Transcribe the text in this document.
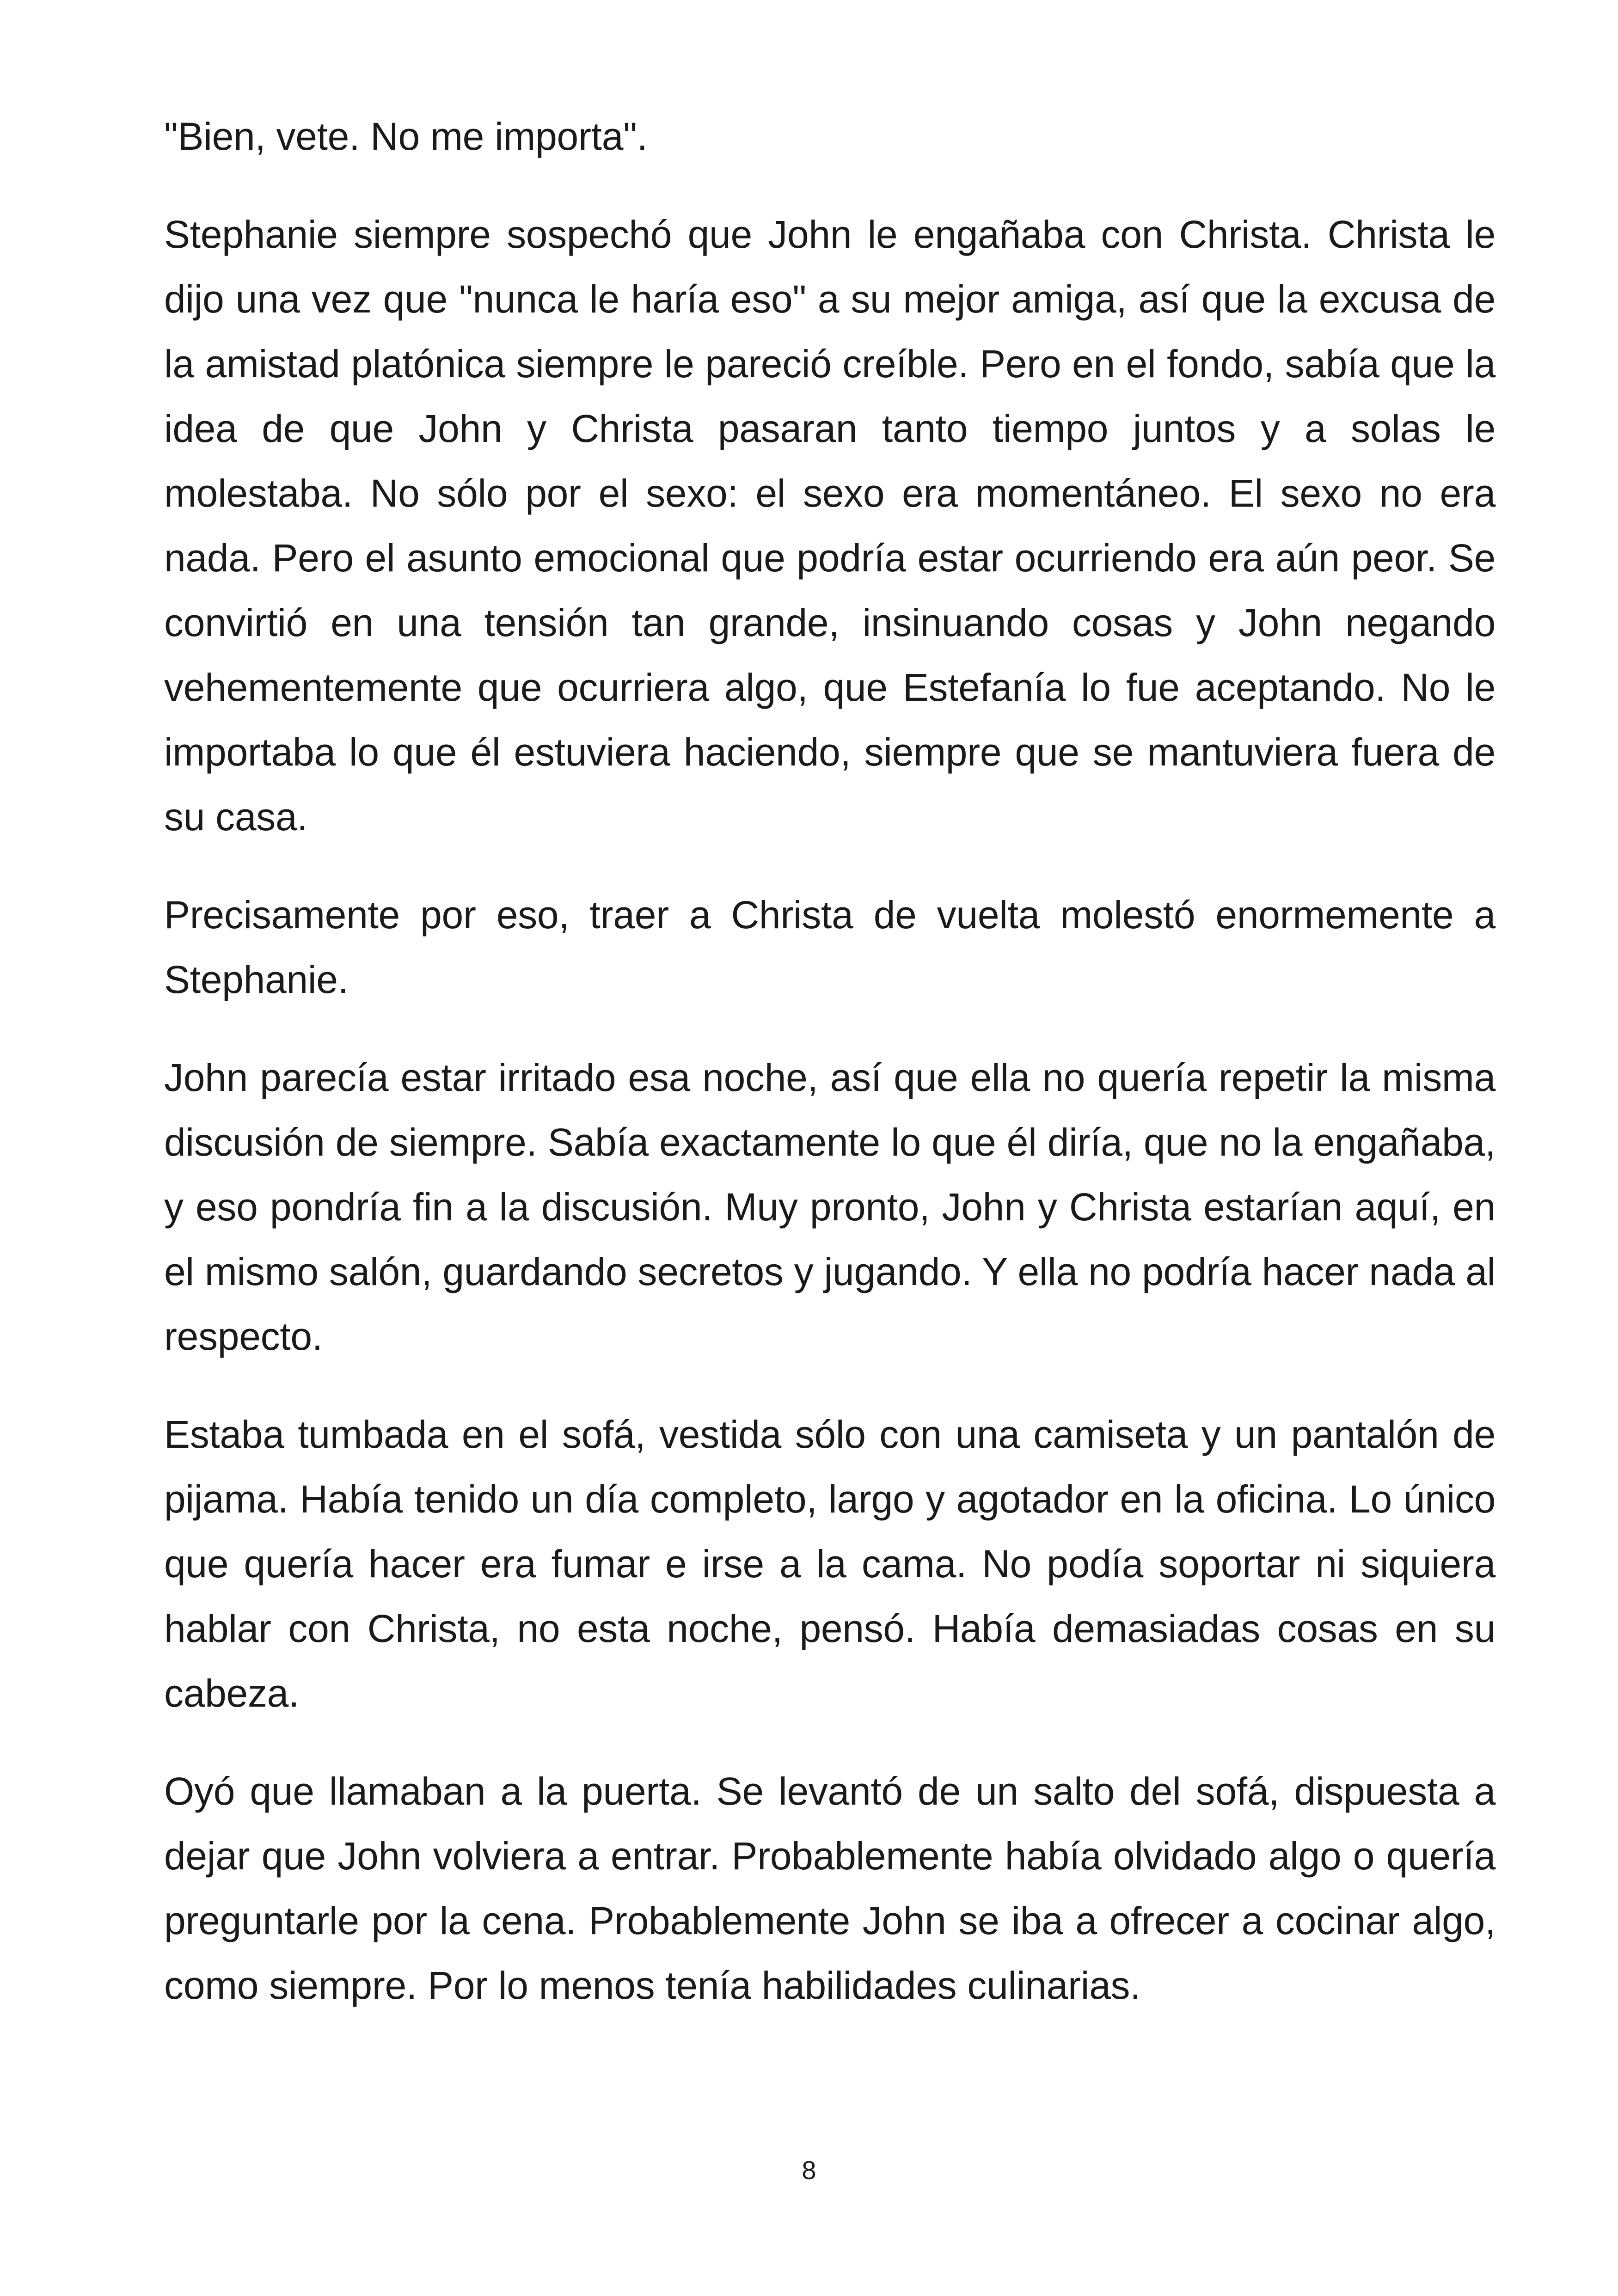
"Bien, vete. No me importa".

Stephanie siempre sospechó que John le engañaba con Christa. Christa le dijo una vez que "nunca le haría eso" a su mejor amiga, así que la excusa de la amistad platónica siempre le pareció creíble. Pero en el fondo, sabía que la idea de que John y Christa pasaran tanto tiempo juntos y a solas le molestaba. No sólo por el sexo: el sexo era momentáneo. El sexo no era nada. Pero el asunto emocional que podría estar ocurriendo era aún peor. Se convirtió en una tensión tan grande, insinuando cosas y John negando vehementemente que ocurriera algo, que Estefanía lo fue aceptando. No le importaba lo que él estuviera haciendo, siempre que se mantuviera fuera de su casa.

Precisamente por eso, traer a Christa de vuelta molestó enormemente a Stephanie.

John parecía estar irritado esa noche, así que ella no quería repetir la misma discusión de siempre. Sabía exactamente lo que él diría, que no la engañaba, y eso pondría fin a la discusión. Muy pronto, John y Christa estarían aquí, en el mismo salón, guardando secretos y jugando. Y ella no podría hacer nada al respecto.

Estaba tumbada en el sofá, vestida sólo con una camiseta y un pantalón de pijama. Había tenido un día completo, largo y agotador en la oficina. Lo único que quería hacer era fumar e irse a la cama. No podía soportar ni siquiera hablar con Christa, no esta noche, pensó. Había demasiadas cosas en su cabeza.

Oyó que llamaban a la puerta. Se levantó de un salto del sofá, dispuesta a dejar que John volviera a entrar. Probablemente había olvidado algo o quería preguntarle por la cena. Probablemente John se iba a ofrecer a cocinar algo, como siempre. Por lo menos tenía habilidades culinarias.

8
